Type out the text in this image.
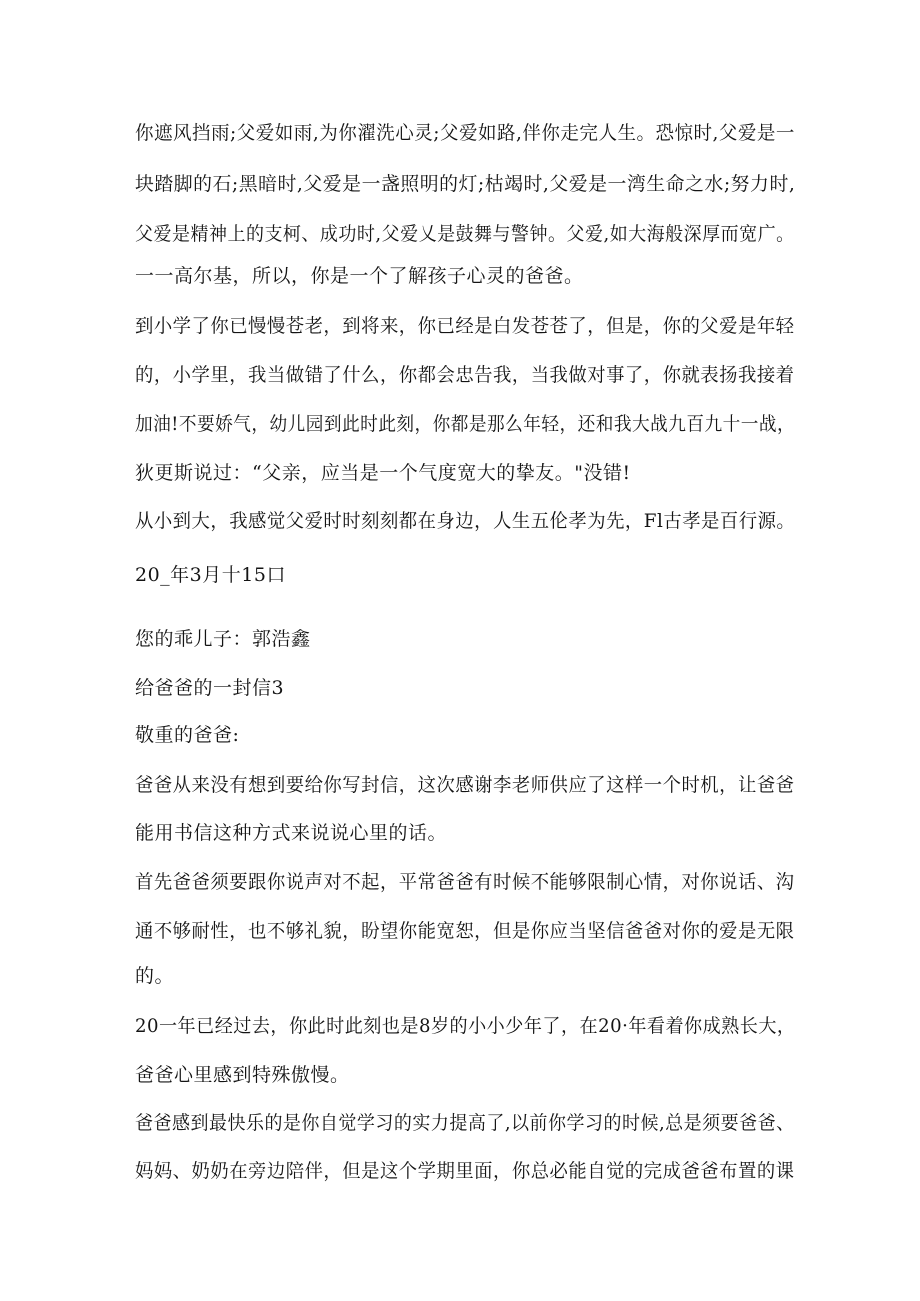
你遮风挡雨;父爱如雨,为你濯洗心灵;父爱如路,伴你走完人生。恐惊时,父爱是一
块踏脚的石;黑暗时,父爱是一盏照明的灯;枯竭时,父爱是一湾生命之水;努力时,
父爱是精神上的支柯、成功时,父爱乂是鼓舞与警钟。父爱,如大海般深厚而宽广。
一一高尔基，所以，你是一个了解孩子心灵的爸爸。
到小学了你已慢慢苍老，到将来，你已经是白发苍苍了，但是，你的父爱是年轻
的，小学里，我当做错了什么，你都会忠告我，当我做对事了，你就表扬我接着
加油!不要娇气，幼儿园到此时此刻，你都是那么年轻，还和我大战九百九十一战，
狄更斯说过：“父亲，应当是一个气度宽大的挚友。"没错!
从小到大，我感觉父爱时时刻刻都在身边，人生五伦孝为先，Fl古孝是百行源。
20_年3月十15口
您的乖儿子：郭浩鑫
给爸爸的一封信3
敬重的爸爸:
爸爸从来没有想到要给你写封信，这次感谢李老师供应了这样一个时机，让爸爸
能用书信这种方式来说说心里的话。
首先爸爸须要跟你说声对不起，平常爸爸有时候不能够限制心情，对你说话、沟
通不够耐性，也不够礼貌，盼望你能宽恕，但是你应当坚信爸爸对你的爱是无限
的。
20一年已经过去，你此时此刻也是8岁的小小少年了，在20·年看着你成熟长大，
爸爸心里感到特殊傲慢。
爸爸感到最快乐的是你自觉学习的实力提高了,以前你学习的时候,总是须要爸爸、
妈妈、奶奶在旁边陪伴，但是这个学期里面，你总必能自觉的完成爸爸布置的课
